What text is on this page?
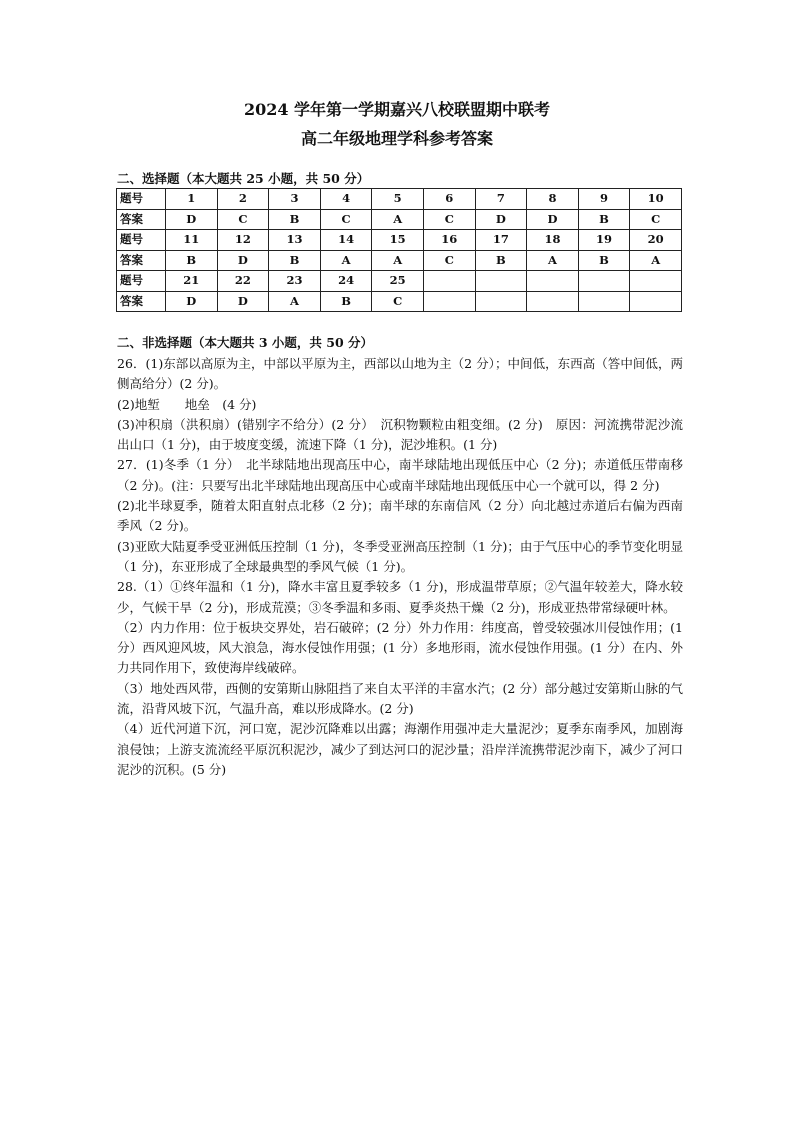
2024 学年第一学期嘉兴八校联盟期中联考
高二年级地理学科参考答案

二、选择题（本大题共 25 小题，共 50 分）

题号	1	2	3	4	5	6	7	8	9	10
答案	D	C	B	C	A	C	D	D	B	C
题号	11	12	13	14	15	16	17	18	19	20
答案	B	D	B	A	A	C	B	A	B	A
题号	21	22	23	24	25					
答案	D	D	A	B	C					

二、非选择题（本大题共 3 小题，共 50 分）

26．(1)东部以高原为主，中部以平原为主，西部以山地为主（2 分）；中间低，东西高（答中间低，两侧高给分）(2 分)。

(2)地堑　　地垒　(4 分)

(3)冲积扇（洪积扇）(错别字不给分）(2 分）　沉积物颗粒由粗变细。(2 分)　原因：河流携带泥沙流出山口（1 分)，由于坡度变缓，流速下降（1 分)，泥沙堆积。(1 分)

27．(1)冬季（1 分）　北半球陆地出现高压中心，南半球陆地出现低压中心（2 分)；赤道低压带南移（2 分)。(注：只要写出北半球陆地出现高压中心或南半球陆地出现低压中心一个就可以，得 2 分)

(2)北半球夏季，随着太阳直射点北移（2 分)；南半球的东南信风（2 分）向北越过赤道后右偏为西南季风（2 分)。

(3)亚欧大陆夏季受亚洲低压控制（1 分)，冬季受亚洲高压控制（1 分)；由于气压中心的季节变化明显（1 分)，东亚形成了全球最典型的季风气候（1 分)。

28.（1）①终年温和（1 分)，降水丰富且夏季较多（1 分)，形成温带草原；②气温年较差大，降水较少，气候干旱（2 分)，形成荒漠；③冬季温和多雨、夏季炎热干燥（2 分)，形成亚热带常绿硬叶林。

（2）内力作用：位于板块交界处，岩石破碎；(2 分）外力作用：纬度高，曾受较强冰川侵蚀作用；(1 分）西风迎风坡，风大浪急，海水侵蚀作用强；(1 分）多地形雨，流水侵蚀作用强。(1 分）在内、外力共同作用下，致使海岸线破碎。

（3）地处西风带，西侧的安第斯山脉阻挡了来自太平洋的丰富水汽；(2 分）部分越过安第斯山脉的气流，沿背风坡下沉，气温升高，难以形成降水。(2 分)

（4）近代河道下沉，河口宽，泥沙沉降难以出露；海潮作用强冲走大量泥沙；夏季东南季风，加剧海浪侵蚀；上游支流流经平原沉积泥沙，减少了到达河口的泥沙量；沿岸洋流携带泥沙南下，减少了河口泥沙的沉积。(5 分)
